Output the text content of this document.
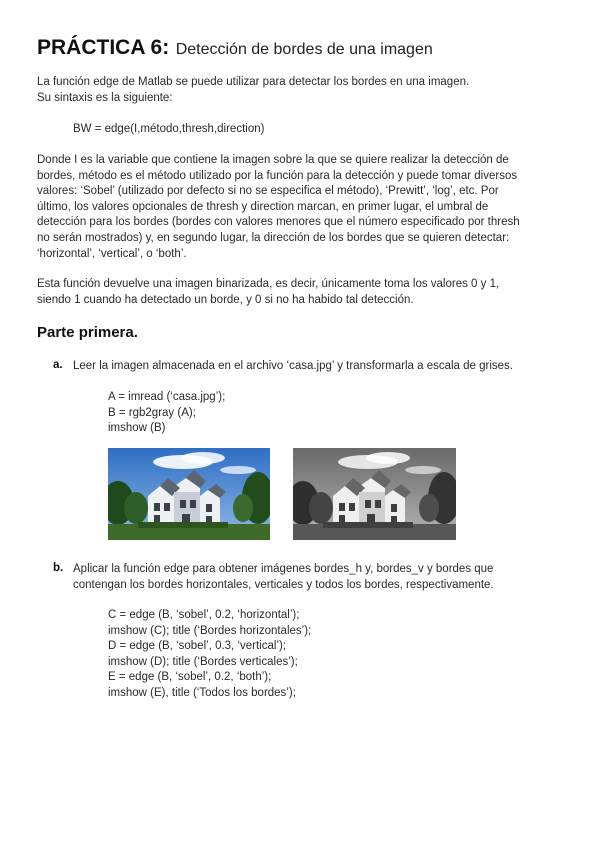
PRÁCTICA 6: Detección de bordes de una imagen
La función edge de Matlab se puede utilizar para detectar los bordes en una imagen.
Su sintaxis es la siguiente:
BW = edge(I,método,thresh,direction)
Donde I es la variable que contiene la imagen sobre la que se quiere realizar la detección de
bordes, método es el método utilizado por la función para la detección y puede tomar diversos
valores: ‘Sobel’ (utilizado por defecto si no se especifica el método), ‘Prewitt’, ‘log’, etc. Por
último, los valores opcionales de thresh y direction marcan, en primer lugar, el umbral de
detección para los bordes (bordes con valores menores que el número especificado por thresh
no serán mostrados) y, en segundo lugar, la dirección de los bordes que se quieren detectar:
‘horizontal’, ‘vertical’, o ‘both’.
Esta función devuelve una imagen binarizada, es decir, únicamente toma los valores 0 y 1,
siendo 1 cuando ha detectado un borde, y 0 si no ha habido tal detección.
Parte primera.
a. Leer la imagen almacenada en el archivo ‘casa.jpg’ y transformarla a escala de grises.
A = imread (‘casa.jpg’);
B = rgb2gray (A);
imshow (B)
b. Aplicar la función edge para obtener imágenes bordes_h y, bordes_v y bordes que
contengan los bordes horizontales, verticales y todos los bordes, respectivamente.
C = edge (B, ‘sobel’, 0.2, ‘horizontal’);
imshow (C); title (‘Bordes horizontales’);
D = edge (B, ‘sobel’, 0.3, ‘vertical’);
imshow (D); title (‘Bordes verticales’);
E = edge (B, ‘sobel’, 0.2, ‘both’);
imshow (E), title (‘Todos los bordes’);
